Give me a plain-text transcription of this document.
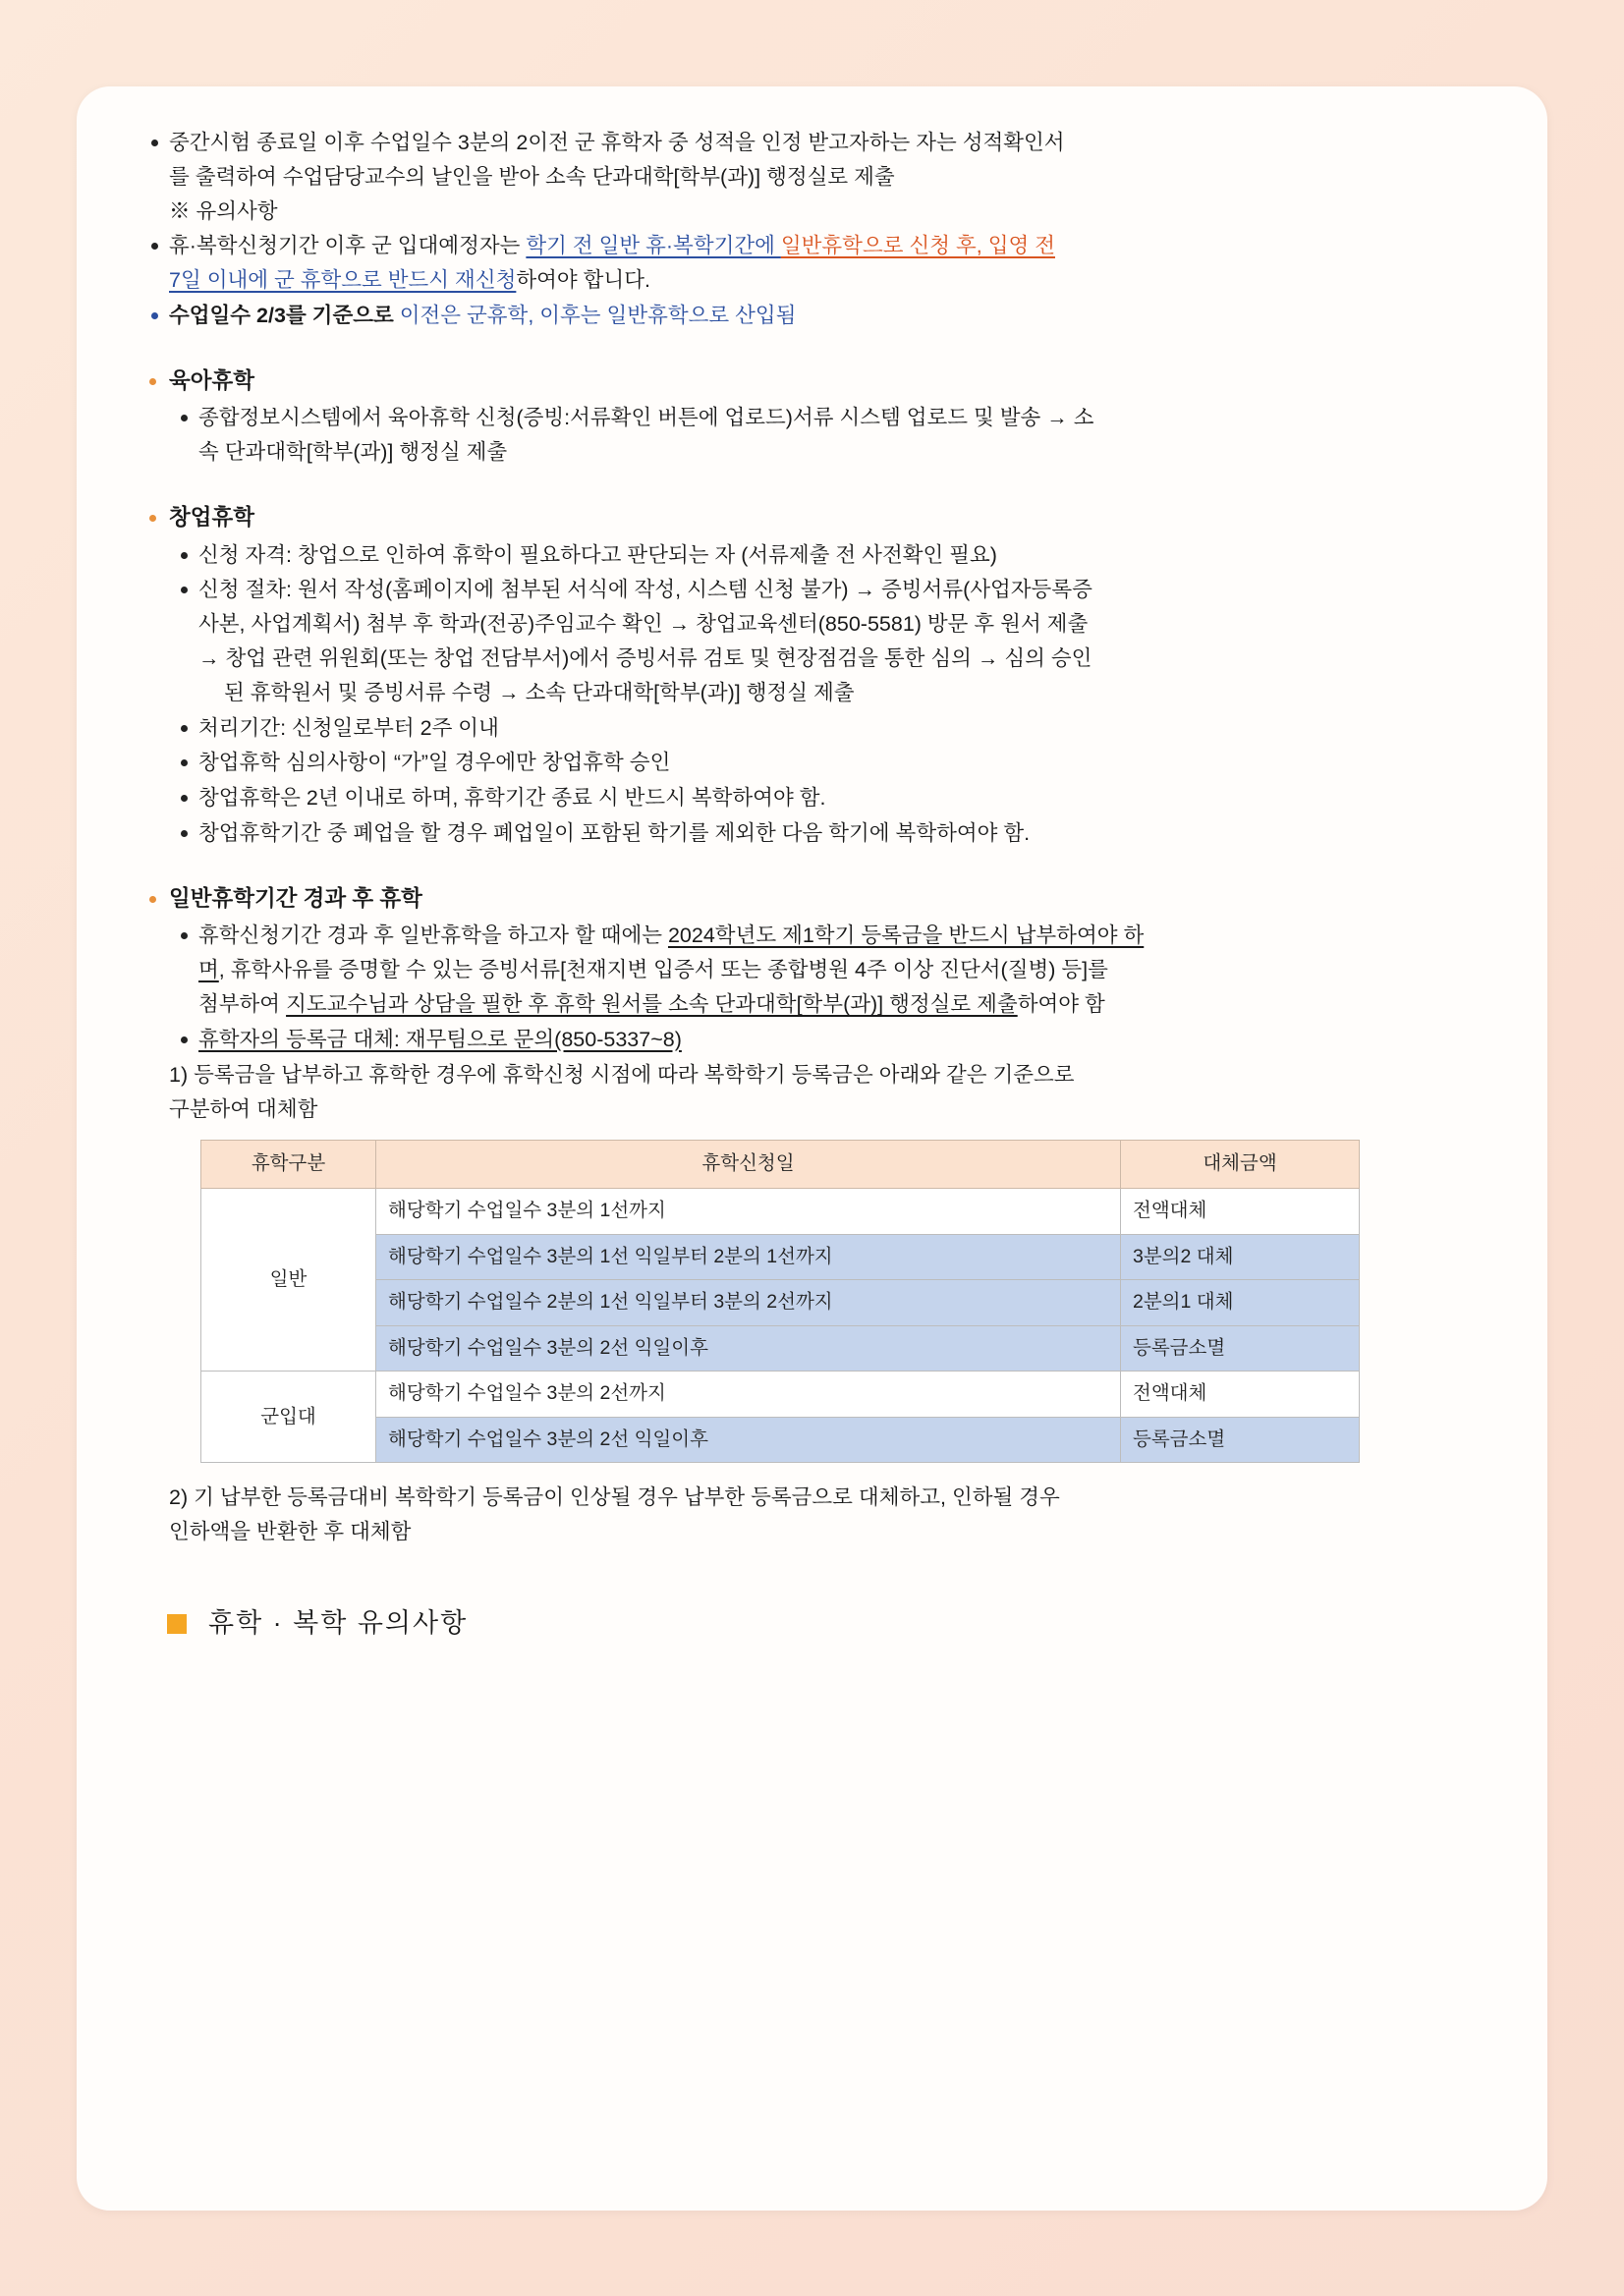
중간시험 종료일 이후 수업일수 3분의 2이전 군 휴학자 중 성적을 인정 받고자하는 자는 성적확인서
를 출력하여 수업담당교수의 날인을 받아 소속 단과대학[학부(과)] 행정실로 제출
※ 유의사항
휴·복학신청기간 이후 군 입대예정자는 학기 전 일반 휴·복학기간에 일반휴학으로 신청 후, 입영 전
7일 이내에 군 휴학으로 반드시 재신청하여야 합니다.
수업일수 2/3를 기준으로 이전은 군휴학, 이후는 일반휴학으로 산입됨
육아휴학
종합정보시스템에서 육아휴학 신청(증빙:서류확인 버튼에 업로드)서류 시스템 업로드 및 발송 → 소
속 단과대학[학부(과)] 행정실 제출
창업휴학
신청 자격: 창업으로 인하여 휴학이 필요하다고 판단되는 자 (서류제출 전 사전확인 필요)
신청 절차: 원서 작성(홈페이지에 첨부된 서식에 작성, 시스템 신청 불가) → 증빙서류(사업자등록증
사본, 사업계획서) 첨부 후 학과(전공)주임교수 확인 → 창업교육센터(850-5581) 방문 후 원서 제출
→ 창업 관련 위원회(또는 창업 전담부서)에서 증빙서류 검토 및 현장점검을 통한 심의 → 심의 승인
된 휴학원서 및 증빙서류 수령 → 소속 단과대학[학부(과)] 행정실 제출
처리기간: 신청일로부터 2주 이내
창업휴학 심의사항이 “가”일 경우에만 창업휴학 승인
창업휴학은 2년 이내로 하며, 휴학기간 종료 시 반드시 복학하여야 함.
창업휴학기간 중 폐업을 할 경우 폐업일이 포함된 학기를 제외한 다음 학기에 복학하여야 함.
일반휴학기간 경과 후 휴학
휴학신청기간 경과 후 일반휴학을 하고자 할 때에는 2024학년도 제1학기 등록금을 반드시 납부하여야 하
며, 휴학사유를 증명할 수 있는 증빙서류[천재지변 입증서 또는 종합병원 4주 이상 진단서(질병) 등]를
첨부하여 지도교수님과 상담을 필한 후 휴학 원서를 소속 단과대학[학부(과)] 행정실로 제출하여야 함
휴학자의 등록금 대체: 재무팀으로 문의(850-5337~8)
1) 등록금을 납부하고 휴학한 경우에 휴학신청 시점에 따라 복학학기 등록금은 아래와 같은 기준으로
구분하여 대체함
휴학구분	휴학신청일	대체금액
일반	해당학기 수업일수 3분의 1선까지	전액대체
	해당학기 수업일수 3분의 1선 익일부터 2분의 1선까지	3분의2 대체
	해당학기 수업일수 2분의 1선 익일부터 3분의 2선까지	2분의1 대체
	해당학기 수업일수 3분의 2선 익일이후	등록금소멸
군입대	해당학기 수업일수 3분의 2선까지	전액대체
	해당학기 수업일수 3분의 2선 익일이후	등록금소멸
2) 기 납부한 등록금대비 복학학기 등록금이 인상될 경우 납부한 등록금으로 대체하고, 인하될 경우
인하액을 반환한 후 대체함
휴학 · 복학 유의사항
